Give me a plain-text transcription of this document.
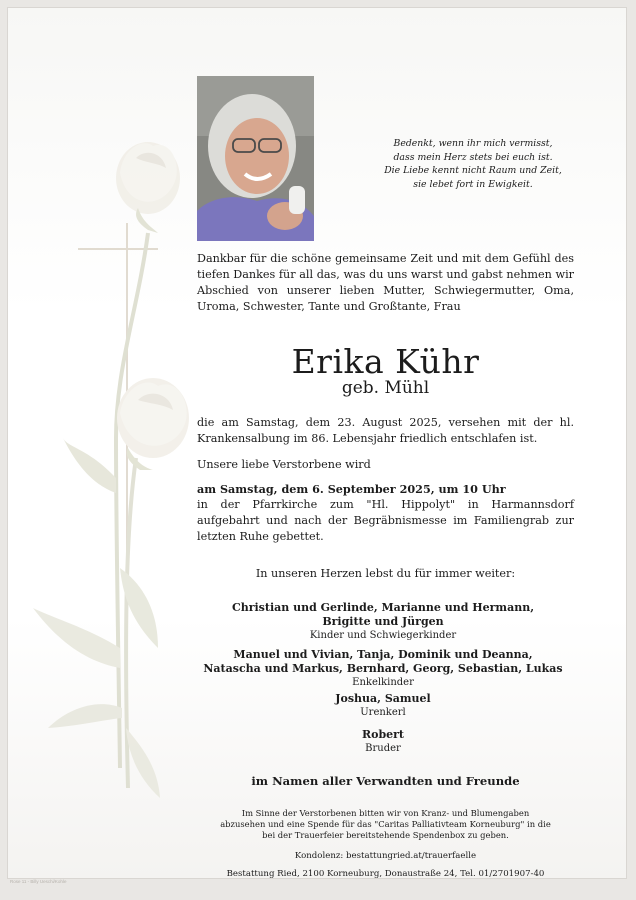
Bedenkt, wenn ihr mich vermisst,
dass mein Herz stets bei euch ist.
Die Liebe kennt nicht Raum und Zeit,
sie lebet fort in Ewigkeit.
Dankbar für die schöne gemeinsame Zeit und mit dem Gefühl des tiefen Dankes für all das, was du uns warst und gabst nehmen wir Abschied von unserer lieben Mutter, Schwiegermutter, Oma, Uroma, Schwester, Tante und Großtante, Frau
Erika Kühr
geb. Mühl
die am Samstag, dem 23. August 2025, versehen mit der hl. Krankensalbung im 86. Lebensjahr friedlich entschlafen ist.
Unsere liebe Verstorbene wird
am Samstag, dem 6. September 2025, um 10 Uhr
in der Pfarrkirche zum "Hl. Hippolyt" in Harmannsdorf aufgebahrt und nach der Begräbnismesse im Familiengrab zur letzten Ruhe gebettet.
In unseren Herzen lebst du für immer weiter:
Christian und Gerlinde, Marianne und Hermann,
Brigitte und Jürgen
Kinder und Schwiegerkinder
Manuel und Vivian, Tanja, Dominik und Deanna,
Natascha und Markus, Bernhard, Georg, Sebastian, Lukas
Enkelkinder
Joshua, Samuel
Urenkerl
Robert
Bruder
im Namen aller Verwandten und Freunde
Im Sinne der Verstorbenen bitten wir von Kranz- und Blumengaben
abzusehen und eine Spende für das "Caritas Palliativteam Korneuburg" in die
bei der Trauerfeier bereitstehende Spendenbox zu geben.
Kondolenz: bestattungried.at/trauerfaelle
Bestattung Ried, 2100 Korneuburg, Donaustraße 24, Tel. 01/2701907-40
Rose 11 - Billy Ueschi/Kohle
